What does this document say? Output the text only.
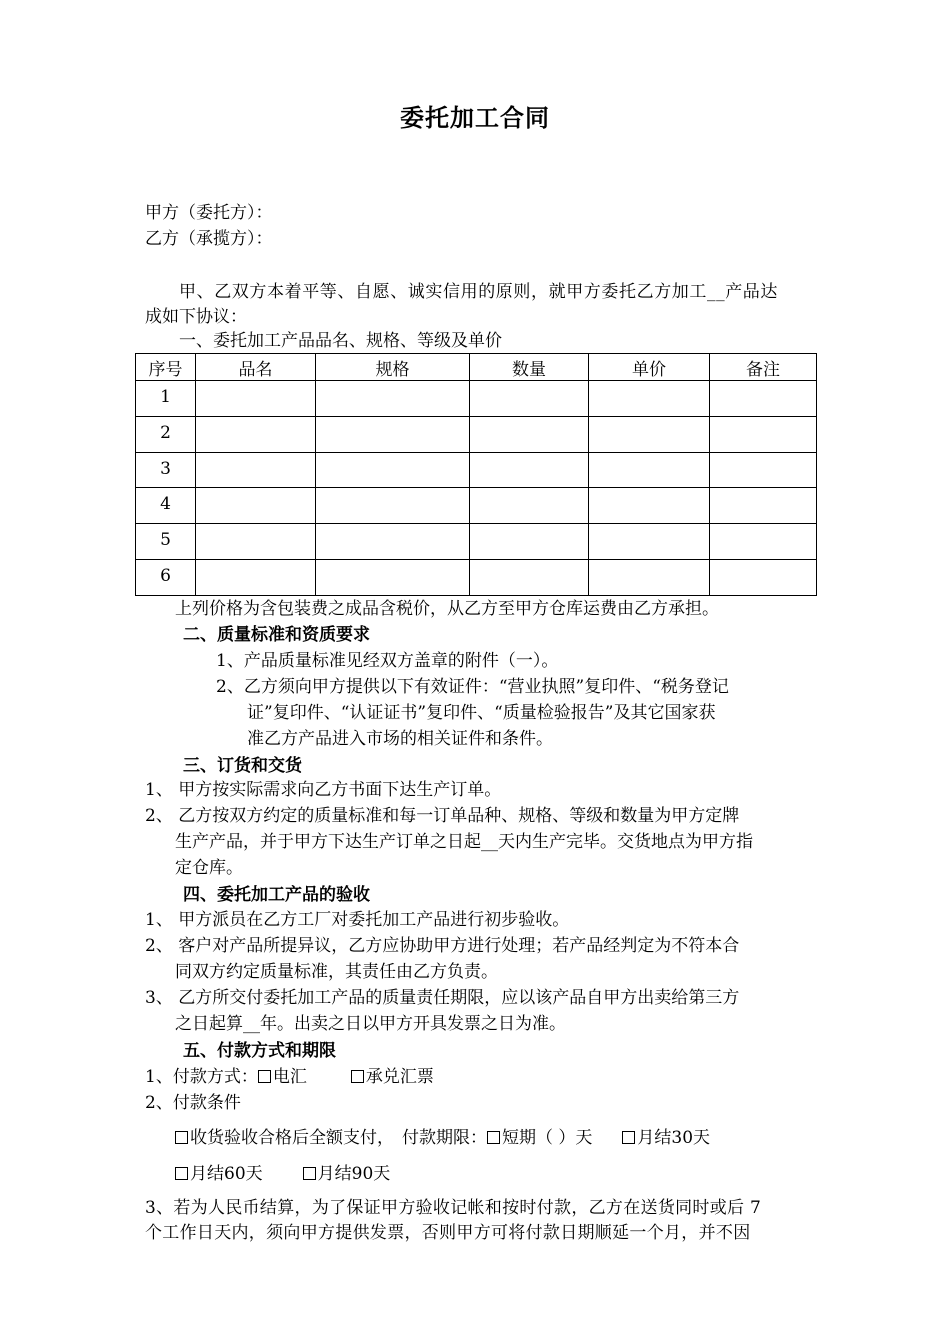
委托加工合同
甲方（委托方）：
乙方（承揽方）：
甲、乙双方本着平等、自愿、诚实信用的原则，就甲方委托乙方加工__产品达
成如下协议：
一、委托加工产品品名、规格、等级及单价
序号	品名	规格	数量	单价	备注
1					
2					
3					
4					
5					
6					
上列价格为含包装费之成品含税价，从乙方至甲方仓库运费由乙方承担。
二、质量标准和资质要求
1、产品质量标准见经双方盖章的附件（一）。
2、乙方须向甲方提供以下有效证件：“营业执照”复印件、“税务登记
证”复印件、“认证证书”复印件、“质量检验报告”及其它国家获
准乙方产品进入市场的相关证件和条件。
三、订货和交货
1、 甲方按实际需求向乙方书面下达生产订单。
2、 乙方按双方约定的质量标准和每一订单品种、规格、等级和数量为甲方定牌
生产产品，并于甲方下达生产订单之日起__天内生产完毕。交货地点为甲方指
定仓库。
四、委托加工产品的验收
1、 甲方派员在乙方工厂对委托加工产品进行初步验收。
2、 客户对产品所提异议，乙方应协助甲方进行处理；若产品经判定为不符本合
同双方约定质量标准，其责任由乙方负责。
3、 乙方所交付委托加工产品的质量责任期限，应以该产品自甲方出卖给第三方
之日起算__年。出卖之日以甲方开具发票之日为准。
五、付款方式和期限
1、付款方式： 电汇	承兑汇票
2、付款条件
收货验收合格后全额支付， 付款期限： 短期（ ）天	月结30天
月结60天	月结90天
3、若为人民币结算，为了保证甲方验收记帐和按时付款，乙方在送货同时或后 7
个工作日天内，须向甲方提供发票，否则甲方可将付款日期顺延一个月，并不因
